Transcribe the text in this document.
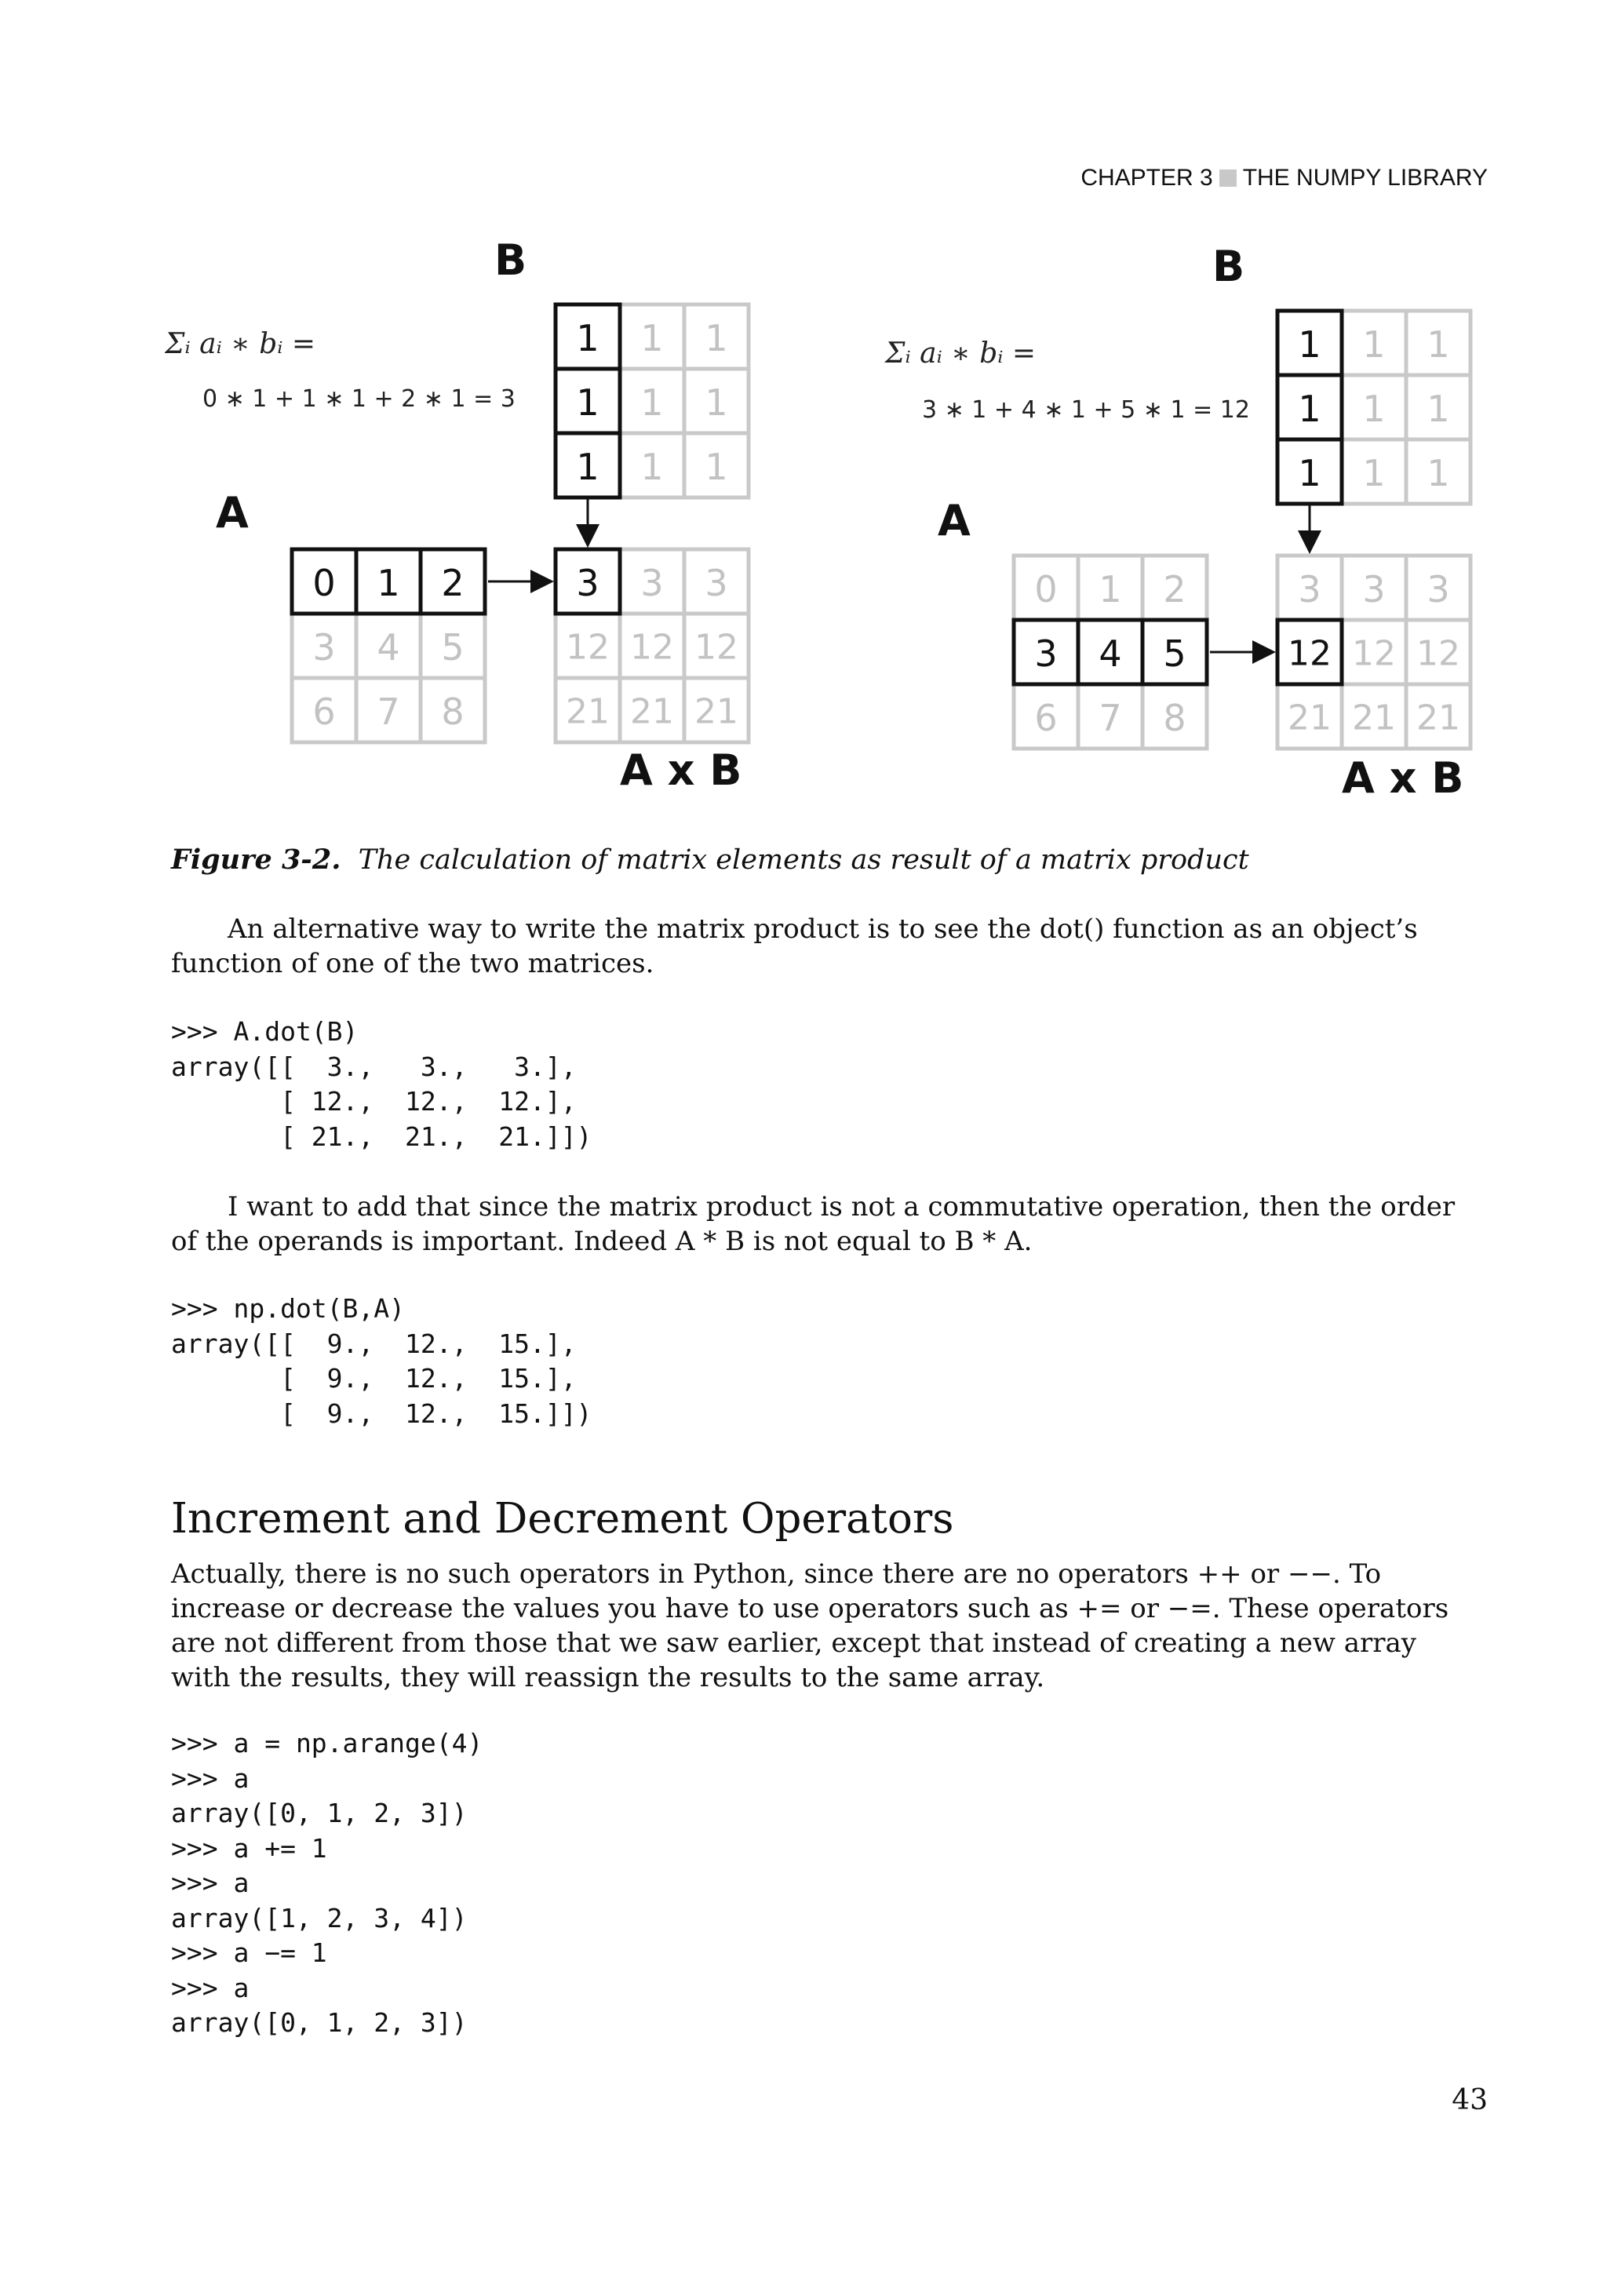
CHAPTER 3 THE NUMPY LIBRARY
B
Σᵢ aᵢ ∗ bᵢ =
0 ∗ 1 + 1 ∗ 1 + 2 ∗ 1 = 3
A
1 1
1 1
1 1
1
1
1
3 4 5
6 7 8
0 1 2	3 3
12 12 12
21 21 21
3
A x B
B
Σᵢ aᵢ ∗ bᵢ =
3 ∗ 1 + 4 ∗ 1 + 5 ∗ 1 = 12
A
1 1
1 1
1 1
1
1
1
0 1 2
6 7 8
3 4 5
3 3 3
12 12
21 21 21
12
A x B
Figure 3-2. The calculation of matrix elements as result of a matrix product

An alternative way to write the matrix product is to see the dot() function as an object’s function of one of the two matrices.

>>> A.dot(B)
array([[  3.,   3.,   3.],
[ 12.,  12.,  12.],
[ 21.,  21.,  21.]])

I want to add that since the matrix product is not a commutative operation, then the order of the operands is important. Indeed A * B is not equal to B * A.

>>> np.dot(B,A)
array([[  9.,  12.,  15.],
[  9.,  12.,  15.],
[  9.,  12.,  15.]])
Increment and Decrement Operators

Actually, there is no such operators in Python, since there are no operators ++ or −−. To increase or decrease the values you have to use operators such as += or −=. These operators are not different from those that we saw earlier, except that instead of creating a new array with the results, they will reassign the results to the same array.

>>> a = np.arange(4)
>>> a
array([0, 1, 2, 3])
>>> a += 1
>>> a
array([1, 2, 3, 4])
>>> a −= 1
>>> a
array([0, 1, 2, 3])
43
